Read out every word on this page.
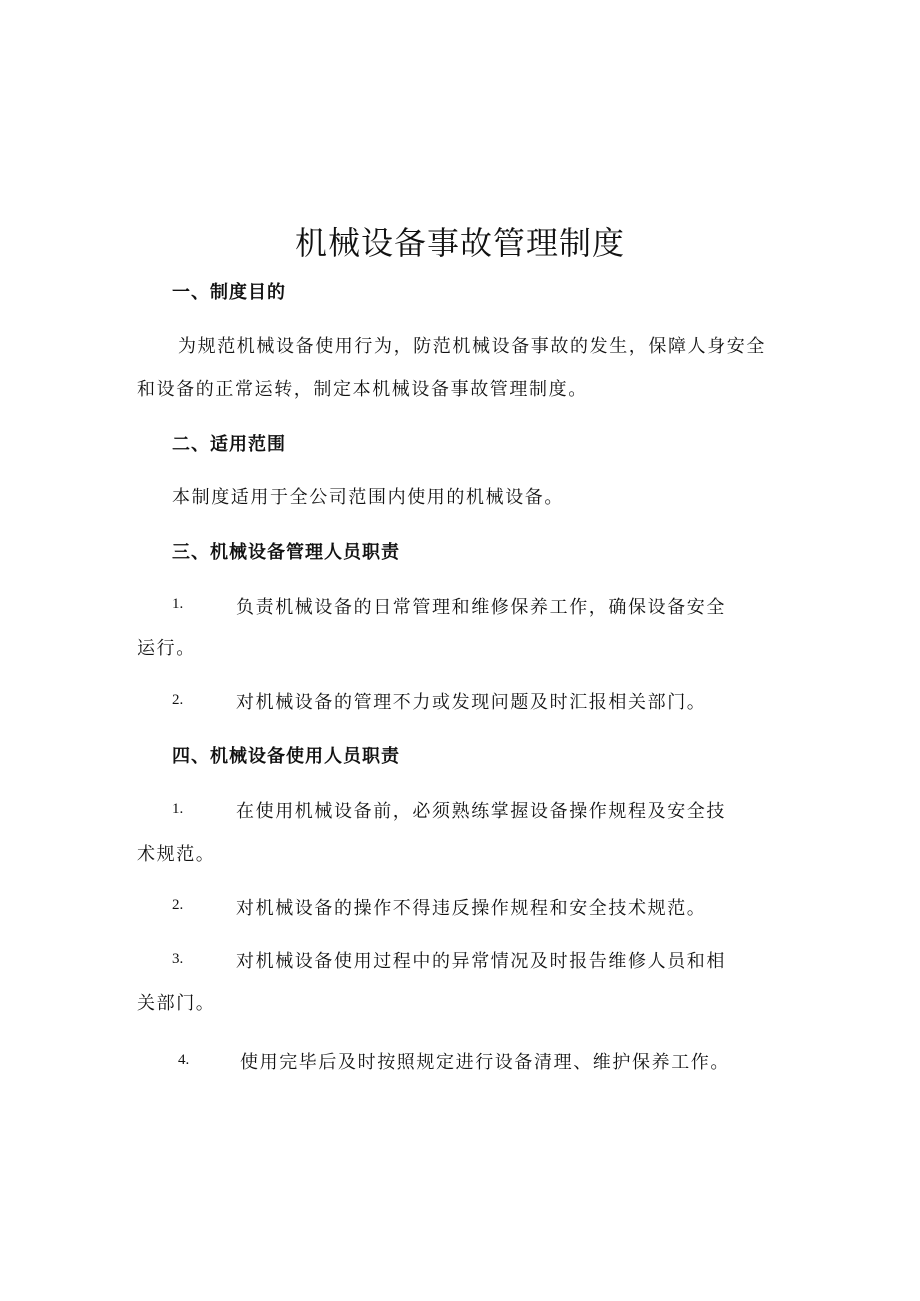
机械设备事故管理制度
一、制度目的
为规范机械设备使用行为，防范机械设备事故的发生，保障人身安全
和设备的正常运转，制定本机械设备事故管理制度。
二、适用范围
本制度适用于全公司范围内使用的机械设备。
三、机械设备管理人员职责
1.	负责机械设备的日常管理和维修保养工作，确保设备安全
运行。
2.	对机械设备的管理不力或发现问题及时汇报相关部门。
四、机械设备使用人员职责
1.	在使用机械设备前，必须熟练掌握设备操作规程及安全技
术规范。
2.	对机械设备的操作不得违反操作规程和安全技术规范。
3.	对机械设备使用过程中的异常情况及时报告维修人员和相
关部门。
4.	使用完毕后及时按照规定进行设备清理、维护保养工作。
